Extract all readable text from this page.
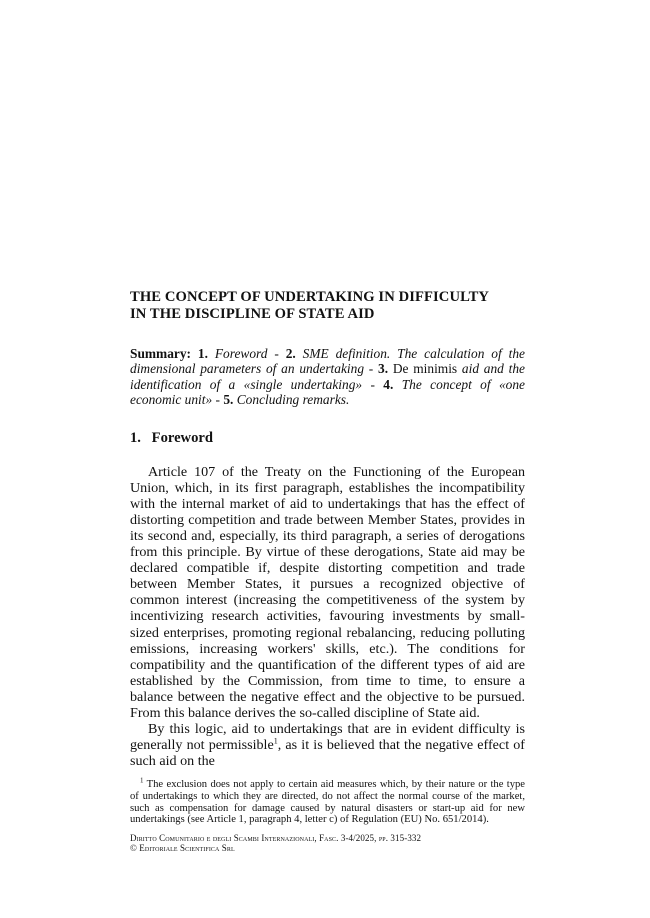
THE CONCEPT OF UNDERTAKING IN DIFFICULTY
IN THE DISCIPLINE OF STATE AID
Summary: 1. Foreword - 2. SME definition. The calculation of the dimensional parameters of an undertaking - 3. De minimis aid and the identification of a «single undertaking» - 4. The concept of «one economic unit» - 5. Concluding remarks.
1. Foreword

Article 107 of the Treaty on the Functioning of the European Union, which, in its first paragraph, establishes the incompatibility with the internal market of aid to undertakings that has the effect of distorting competition and trade between Member States, provides in its second and, especially, its third paragraph, a series of derogations from this principle. By virtue of these derogations, State aid may be declared compatible if, despite distorting competition and trade between Member States, it pursues a recognized objective of common interest (increasing the competitiveness of the system by incentivizing research activities, favouring investments by small-sized enterprises, promoting regional rebalancing, reducing polluting emissions, increasing workers' skills, etc.). The conditions for compatibility and the quantification of the different types of aid are established by the Commission, from time to time, to ensure a balance between the negative effect and the objective to be pursued. From this balance derives the so-called discipline of State aid.

By this logic, aid to undertakings that are in evident difficulty is generally not permissible$^1$, as it is believed that the negative effect of such aid on the

$^1$ The exclusion does not apply to certain aid measures which, by their nature or the type of undertakings to which they are directed, do not affect the normal course of the market, such as compensation for damage caused by natural disasters or start-up aid for new undertakings (see Article 1, paragraph 4, letter c) of Regulation (EU) No. 651/2014).

Diritto Comunitario e degli Scambi Internazionali, Fasc. 3-4/2025, pp. 315-332
© Editoriale Scientifica Srl
